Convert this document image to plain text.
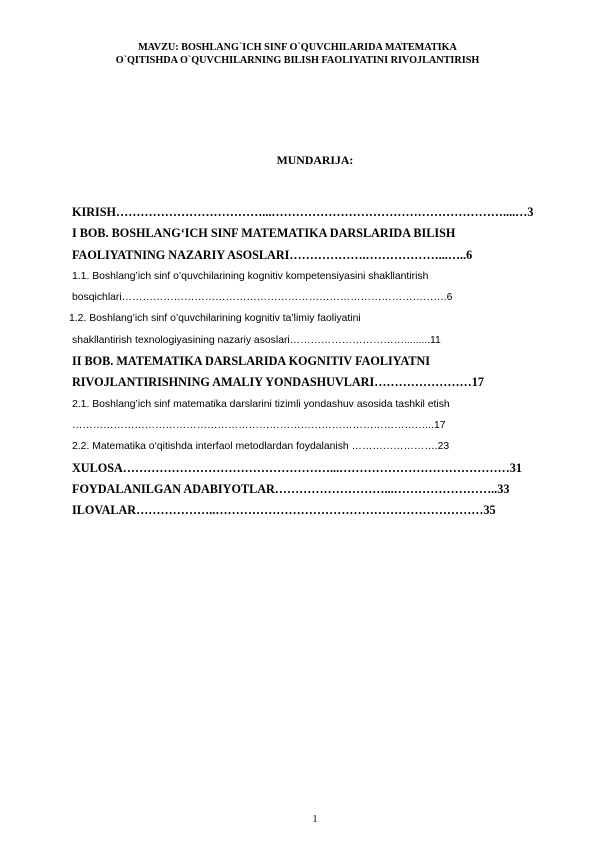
MAVZU: BOSHLANG`ICH SINF O`QUVCHILARIDA MATEMATIKA
O`QITISHDA O`QUVCHILARNING BILISH FAOLIYATINI RIVOJLANTIRISH
MUNDARIJA:
KIRISH………………………………...…………………………………………………....…3
I BOB. BOSHLANG‘ICH SINF MATEMATIKA DARSLARIDA BILISH
FAOLIYATNING NAZARIY ASOSLARI……………….………………...…..6
1.1. Boshlang’ich sinf o’quvchilarining kognitiv kompetensiyasini shakllantirish
bosqichlari………………………………………………………………………………….6
1.2. Boshlang’ich sinf o’quvchilarining kognitiv ta’limiy faoliyatini
shakllantirish texnologiyasining nazariy asoslari…………………………….........11
II BOB. MATEMATIKA DARSLARIDA KOGNITIV FAOLIYATNI
RIVOJLANTIRISHNING AMALIY YONDASHUVLARI……………………17
2.1. Boshlang’ich sinf matematika darslarini tizimli yondashuv asosida tashkil etish
…………………………………………………………………………………………...17
2.2. Matematika o‘qitishda interfaol metodlardan foydalanish …………………….23
XULOSA……………………………………………...……………………………………31
FOYDALANILGAN ADABIYOTLAR………………………...……………………..33
ILOVALAR………………..…………………………………………………………35
1
